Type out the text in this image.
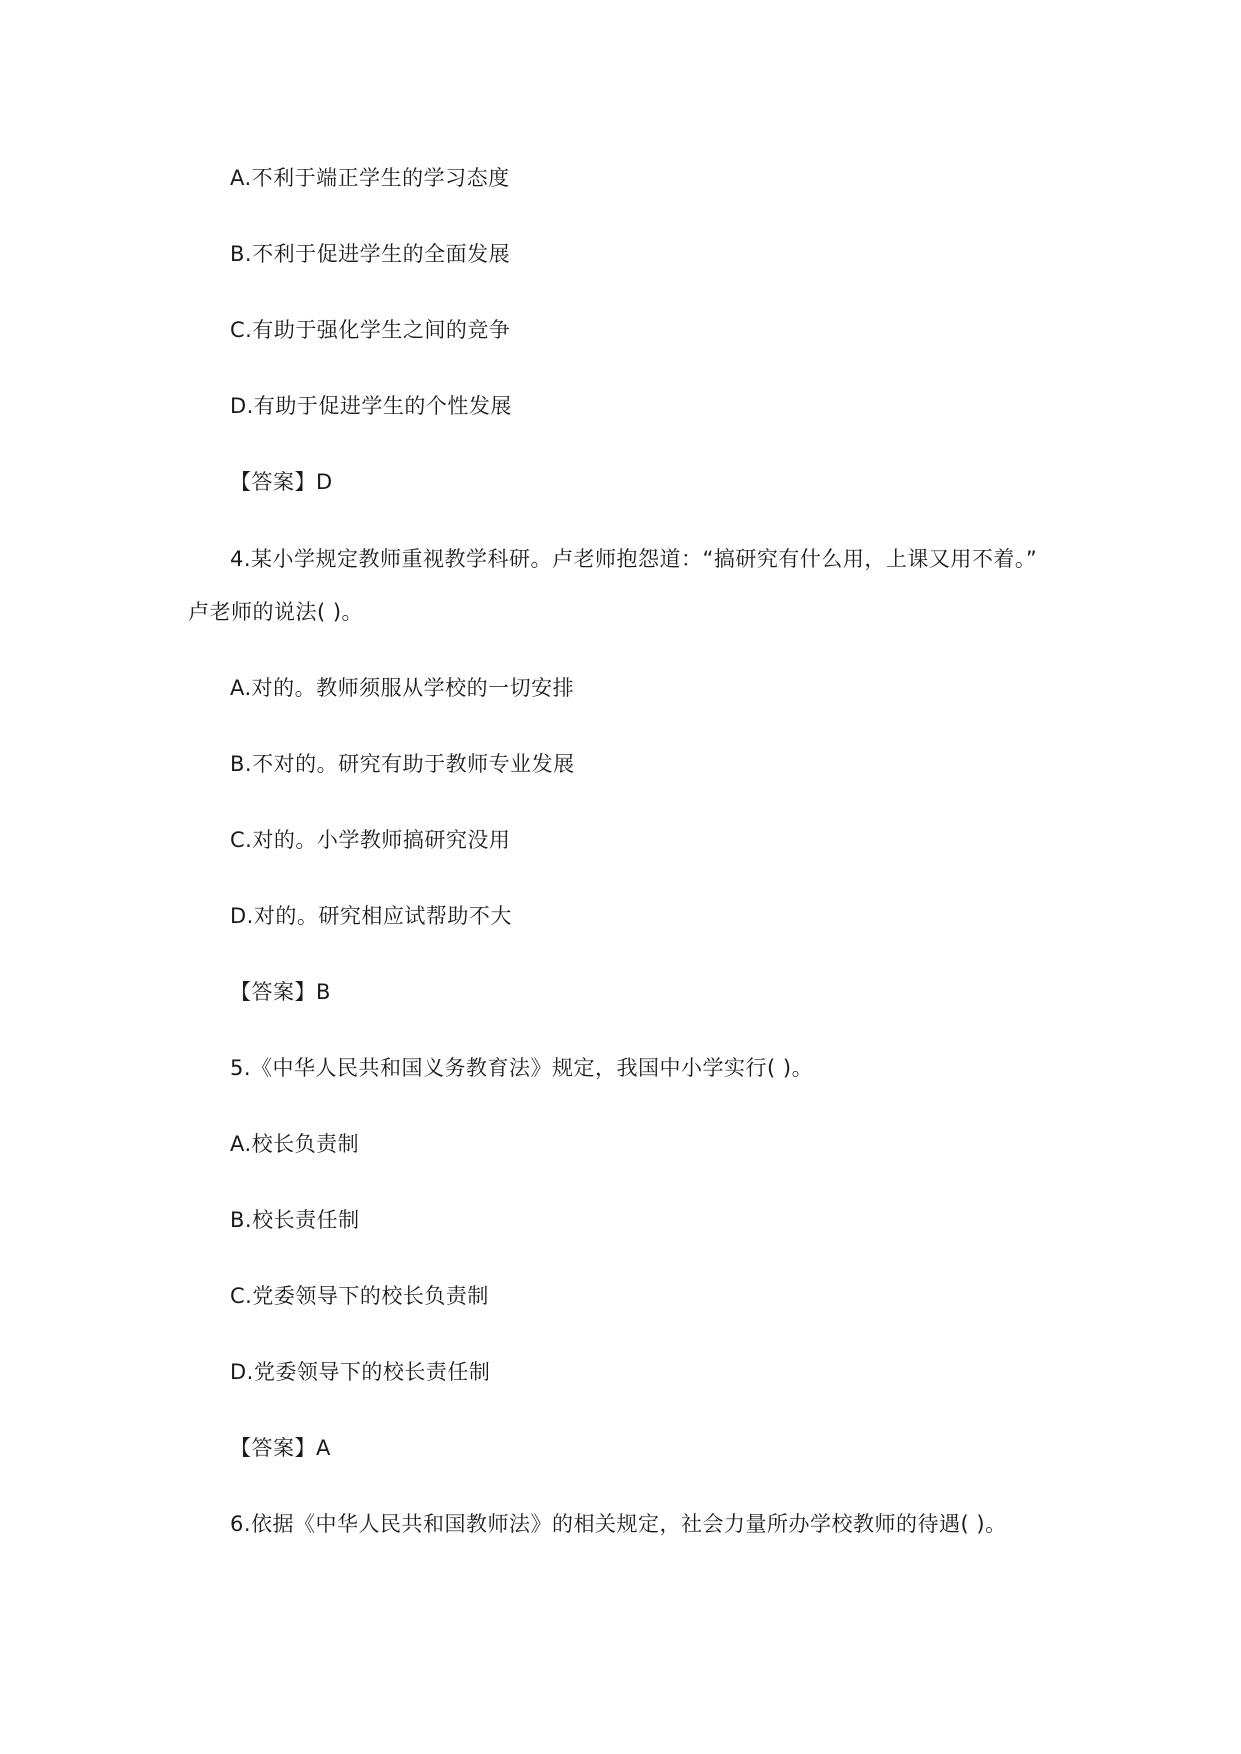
A.不利于端正学生的学习态度
B.不利于促进学生的全面发展
C.有助于强化学生之间的竞争
D.有助于促进学生的个性发展
【答案】D
4.某小学规定教师重视教学科研。卢老师抱怨道：“搞研究有什么用，上课又用不着。”
卢老师的说法( )。
A.对的。教师须服从学校的一切安排
B.不对的。研究有助于教师专业发展
C.对的。小学教师搞研究没用
D.对的。研究相应试帮助不大
【答案】B
5.《中华人民共和国义务教育法》规定，我国中小学实行( )。
A.校长负责制
B.校长责任制
C.党委领导下的校长负责制
D.党委领导下的校长责任制
【答案】A
6.依据《中华人民共和国教师法》的相关规定，社会力量所办学校教师的待遇( )。
